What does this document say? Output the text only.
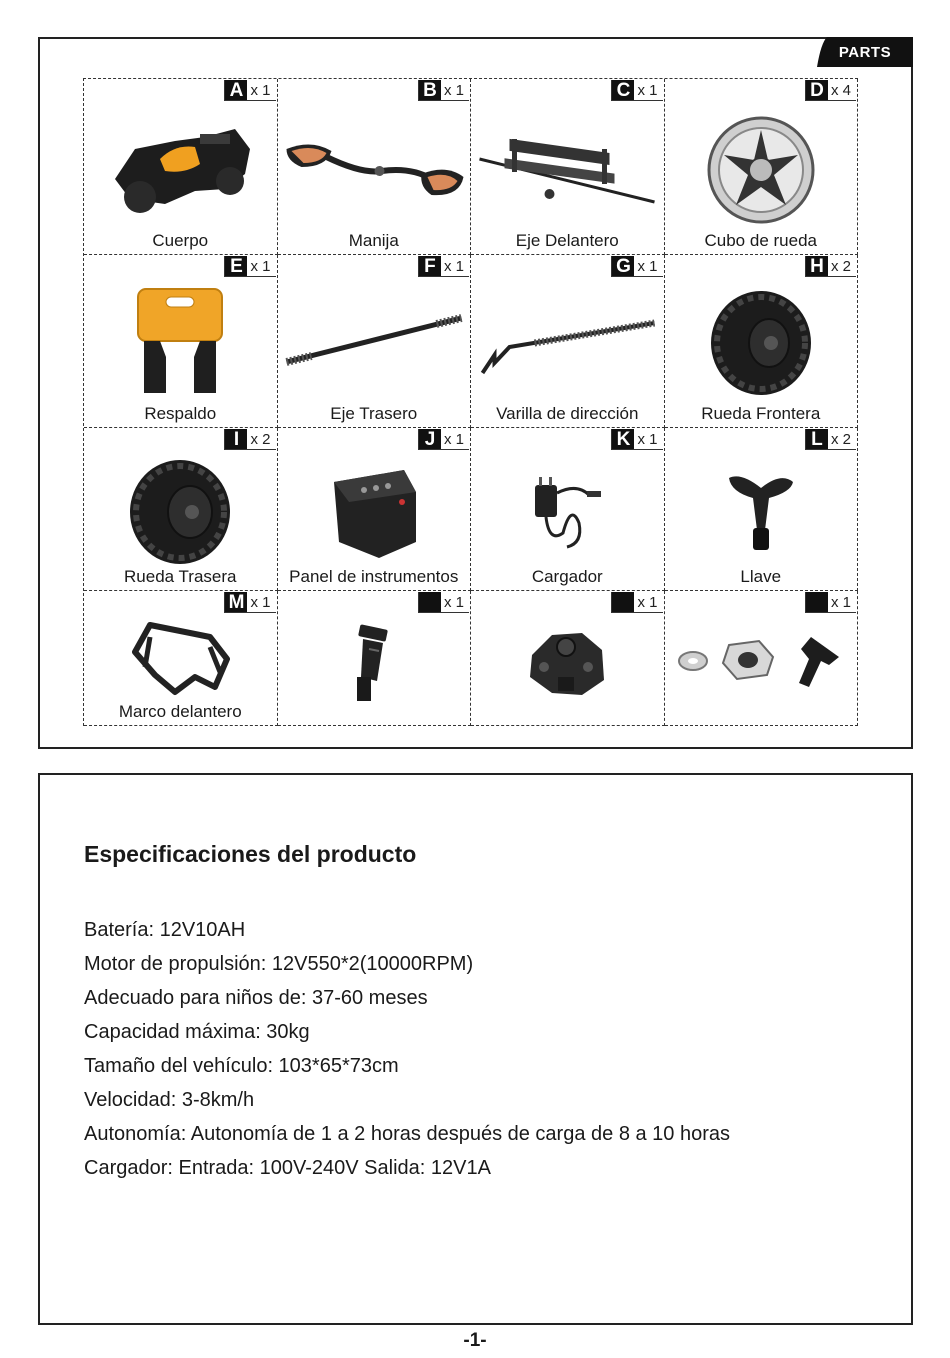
PARTS
A x 1
Cuerpo
B x 1
Manija
C x 1
Eje Delantero
D x 4
Cubo de rueda
E x 1
Respaldo
F x 1
Eje Trasero
G x 1
Varilla de dirección
H x 2
Rueda Frontera
I x 2
Rueda Trasera
J x 1
Panel de instrumentos
K x 1
Cargador
L x 2
Llave
M x 1
Marco delantero
x 1	x 1	x 1
Especificaciones del producto
Batería: 12V10AH
Motor de propulsión: 12V550*2(10000RPM)
Adecuado para niños de: 37-60 meses
Capacidad máxima: 30kg
Tamaño del vehículo: 103*65*73cm
Velocidad: 3-8km/h
Autonomía: Autonomía de 1 a 2 horas después de carga de 8 a 10 horas
Cargador: Entrada: 100V-240V Salida: 12V1A
-1-
